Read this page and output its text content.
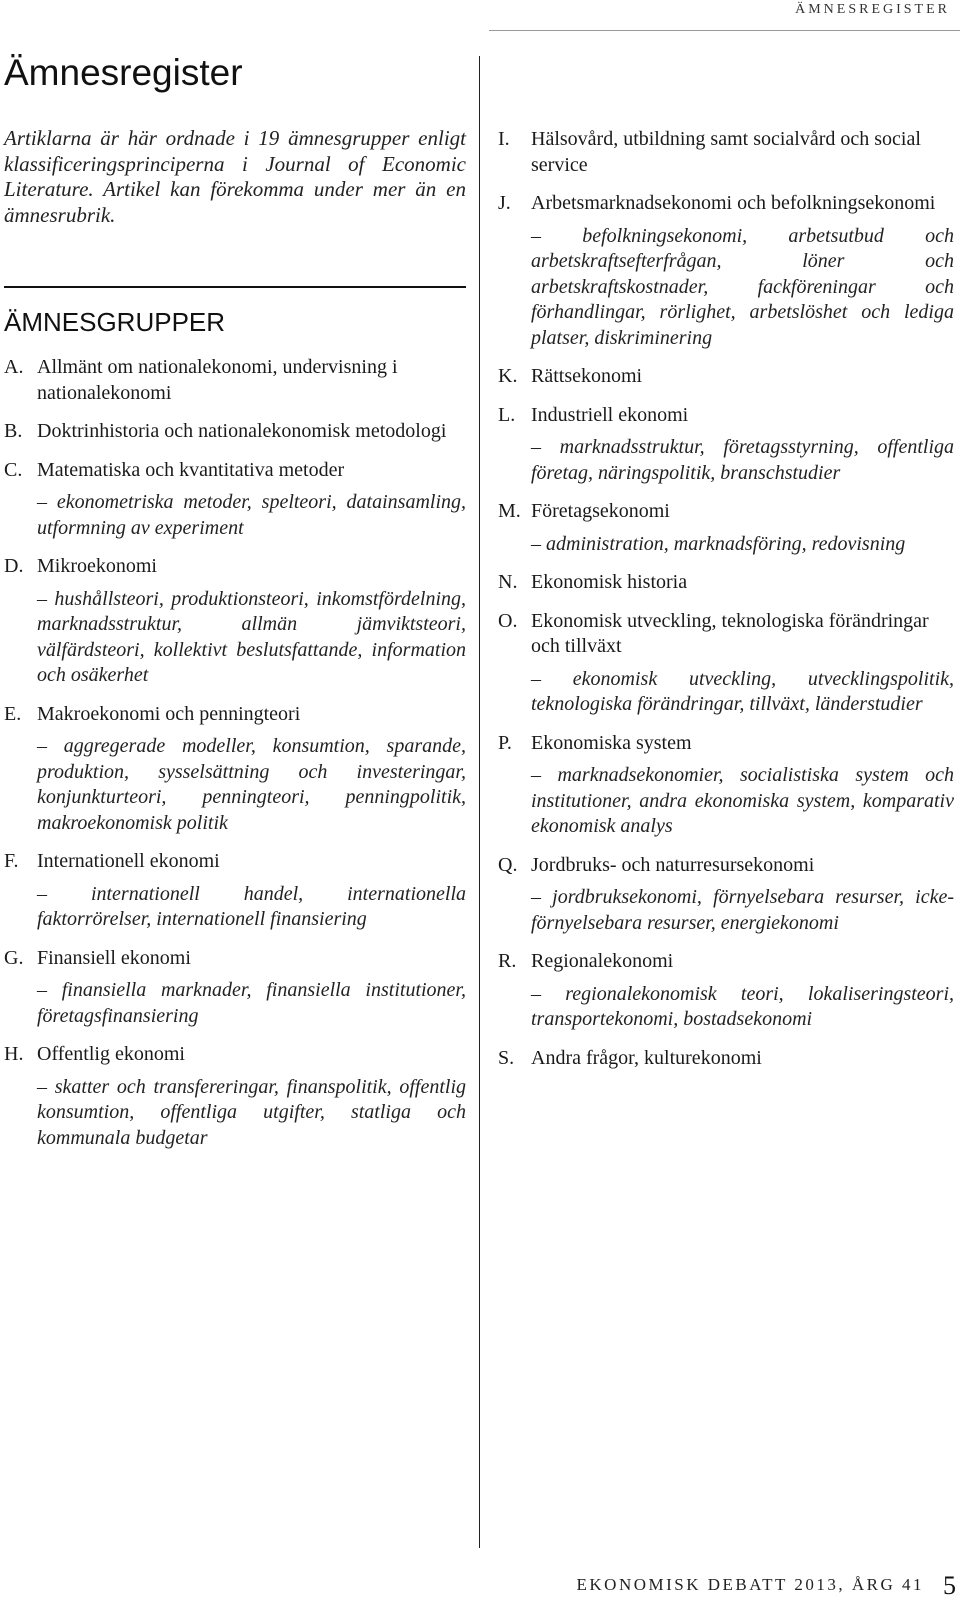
ÄMNESREGISTER
Ämnesregister

Artiklarna är här ordnade i 19 ämnesgrupper enligt klassificeringsprinciperna i Journal of Economic Literature. Artikel kan förekomma under mer än en ämnesrubrik.

ÄMNESGRUPPER
A. Allmänt om nationalekonomi, undervisning i nationalekonomi
B. Doktrinhistoria och nationalekonomisk metodologi
C. Matematiska och kvantitativa metoder
– ekonometriska metoder, spelteori, datainsamling, utformning av experiment
D. Mikroekonomi
– hushållsteori, produktionsteori, inkomstfördelning, marknadsstruktur, allmän jämviktsteori, välfärdsteori, kollektivt beslutsfattande, information och osäkerhet
E. Makroekonomi och penningteori
– aggregerade modeller, konsumtion, sparande, produktion, sysselsättning och investeringar, konjunkturteori, penningteori, penningpolitik, makroekonomisk politik
F. Internationell ekonomi
– internationell handel, internationella faktorrörelser, internationell finansiering
G. Finansiell ekonomi
– finansiella marknader, finansiella institutioner, företagsfinansiering
H. Offentlig ekonomi
– skatter och transfereringar, finanspolitik, offentlig konsumtion, offentliga utgifter, statliga och kommunala budgetar
I.	Hälsovård, utbildning samt socialvård och social service
J.	Arbetsmarknadsekonomi och befolkningsekonomi
– befolkningsekonomi, arbetsutbud och arbetskraftsefterfrågan, löner och arbetskraftskostnader, fackföreningar och förhandlingar, rörlighet, arbetslöshet och lediga platser, diskriminering
K. Rättsekonomi
L. Industriell ekonomi
– marknadsstruktur, företagsstyrning, offentliga företag, näringspolitik, branschstudier
M. Företagsekonomi
– administration, marknadsföring, redovisning
N. Ekonomisk historia
O. Ekonomisk utveckling, teknologiska förändringar och tillväxt
– ekonomisk utveckling, utvecklingspolitik, teknologiska förändringar, tillväxt, länderstudier
P. Ekonomiska system
– marknadsekonomier, socialistiska system och institutioner, andra ekonomiska system, komparativ ekonomisk analys
Q. Jordbruks- och naturresursekonomi
– jordbruksekonomi, förnyelsebara resurser, icke-förnyelsebara resurser, energiekonomi
R. Regionalekonomi
– regionalekonomisk teori, lokaliseringsteori, transportekonomi, bostadsekonomi
S. Andra frågor, kulturekonomi
EKONOMISK DEBATT 2013, ÅRG 41 5
